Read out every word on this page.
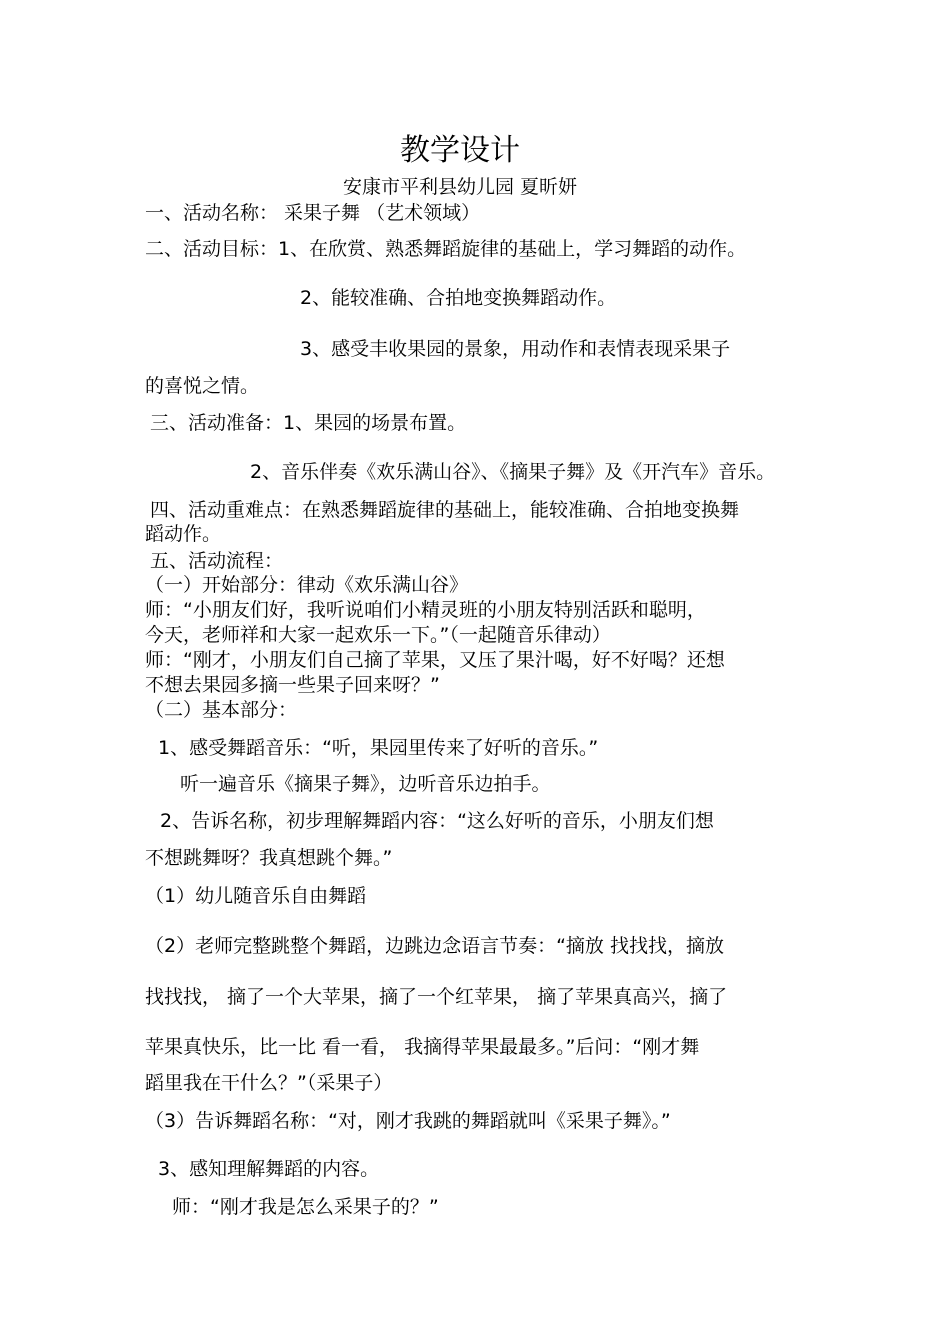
教学设计
安康市平利县幼儿园 夏昕妍
一、活动名称： 采果子舞 （艺术领域）
二、活动目标：1、在欣赏、熟悉舞蹈旋律的基础上，学习舞蹈的动作。
2、能较准确、合拍地变换舞蹈动作。
3、感受丰收果园的景象，用动作和表情表现采果子
的喜悦之情。
三、活动准备：1、果园的场景布置。
2、音乐伴奏《欢乐满山谷》、《摘果子舞》及《开汽车》音乐。
四、活动重难点：在熟悉舞蹈旋律的基础上，能较准确、合拍地变换舞
蹈动作。
五、活动流程：
（一）开始部分：律动《欢乐满山谷》
师：“小朋友们好，我听说咱们小精灵班的小朋友特别活跃和聪明，
今天，老师祥和大家一起欢乐一下。”（一起随音乐律动）
师：“刚才，小朋友们自己摘了苹果，又压了果汁喝，好不好喝？还想
不想去果园多摘一些果子回来呀？”
（二）基本部分：
1、感受舞蹈音乐：“听，果园里传来了好听的音乐。”
听一遍音乐《摘果子舞》，边听音乐边拍手。
2、告诉名称，初步理解舞蹈内容：“这么好听的音乐，小朋友们想
不想跳舞呀？我真想跳个舞。”
（1）幼儿随音乐自由舞蹈
（2）老师完整跳整个舞蹈，边跳边念语言节奏：“摘放 找找找，摘放
找找找， 摘了一个大苹果，摘了一个红苹果， 摘了苹果真高兴，摘了
苹果真快乐，比一比 看一看， 我摘得苹果最最多。”后问：“刚才舞
蹈里我在干什么？”（采果子）
（3）告诉舞蹈名称：“对，刚才我跳的舞蹈就叫《采果子舞》。”
3、感知理解舞蹈的内容。
师：“刚才我是怎么采果子的？”
